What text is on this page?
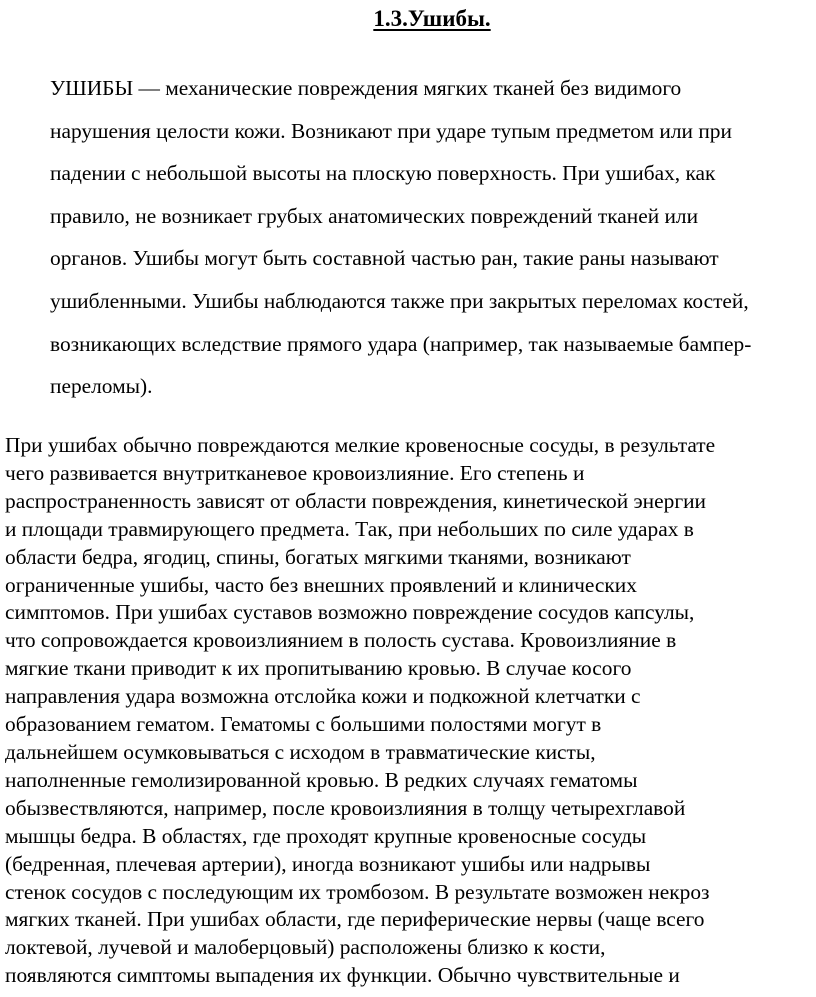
1.3.Ушибы.
УШИБЫ — механические повреждения мягких тканей без видимого
нарушения целости кожи. Возникают при ударе тупым предметом или при
падении с небольшой высоты на плоскую поверхность. При ушибах, как
правило, не возникает грубых анатомических повреждений тканей или
органов. Ушибы могут быть составной частью ран, такие раны называют
ушибленными. Ушибы наблюдаются также при закрытых переломах костей,
возникающих вследствие прямого удара (например, так называемые бампер-
переломы).
При ушибах обычно повреждаются мелкие кровеносные сосуды, в результате
чего развивается внутритканевое кровоизлияние. Его степень и
распространенность зависят от области повреждения, кинетической энергии
и площади травмирующего предмета. Так, при небольших по силе ударах в
области бедра, ягодиц, спины, богатых мягкими тканями, возникают
ограниченные ушибы, часто без внешних проявлений и клинических
симптомов. При ушибах суставов возможно повреждение сосудов капсулы,
что сопровождается кровоизлиянием в полость сустава. Кровоизлияние в
мягкие ткани приводит к их пропитыванию кровью. В случае косого
направления удара возможна отслойка кожи и подкожной клетчатки с
образованием гематом. Гематомы с большими полостями могут в
дальнейшем осумковываться с исходом в травматические кисты,
наполненные гемолизированной кровью. В редких случаях гематомы
обызвествляются, например, после кровоизлияния в толщу четырехглавой
мышцы бедра. В областях, где проходят крупные кровеносные сосуды
(бедренная, плечевая артерии), иногда возникают ушибы или надрывы
стенок сосудов с последующим их тромбозом. В результате возможен некроз
мягких тканей. При ушибах области, где периферические нервы (чаще всего
локтевой, лучевой и малоберцовый) расположены близко к кости,
появляются симптомы выпадения их функции. Обычно чувствительные и
